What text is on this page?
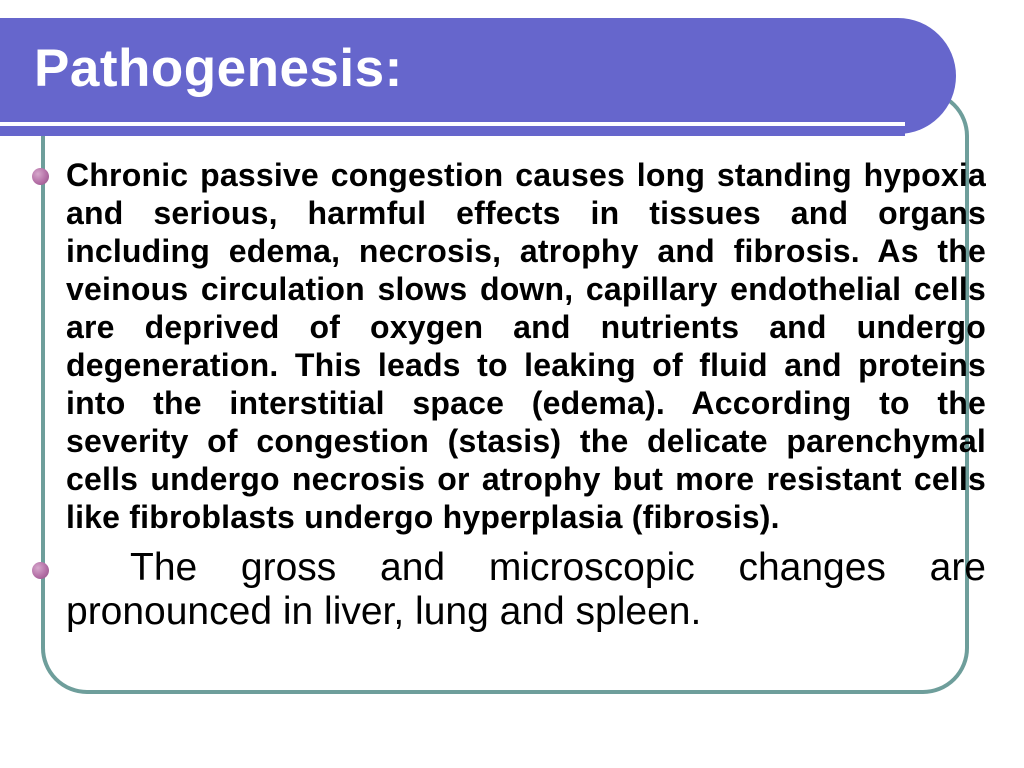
Pathogenesis:
Chronic passive congestion causes long standing hypoxia and serious, harmful effects in tissues and organs including edema, necrosis, atrophy and fibrosis. As the veinous circulation slows down, capillary endothelial cells are deprived of oxygen and nutrients and undergo degeneration. This leads to leaking of fluid and proteins into the interstitial space (edema). According to the severity of congestion (stasis) the delicate parenchymal cells undergo necrosis or atrophy but more resistant cells like fibroblasts undergo hyperplasia (fibrosis).
The gross and microscopic changes are pronounced in liver, lung and spleen.
